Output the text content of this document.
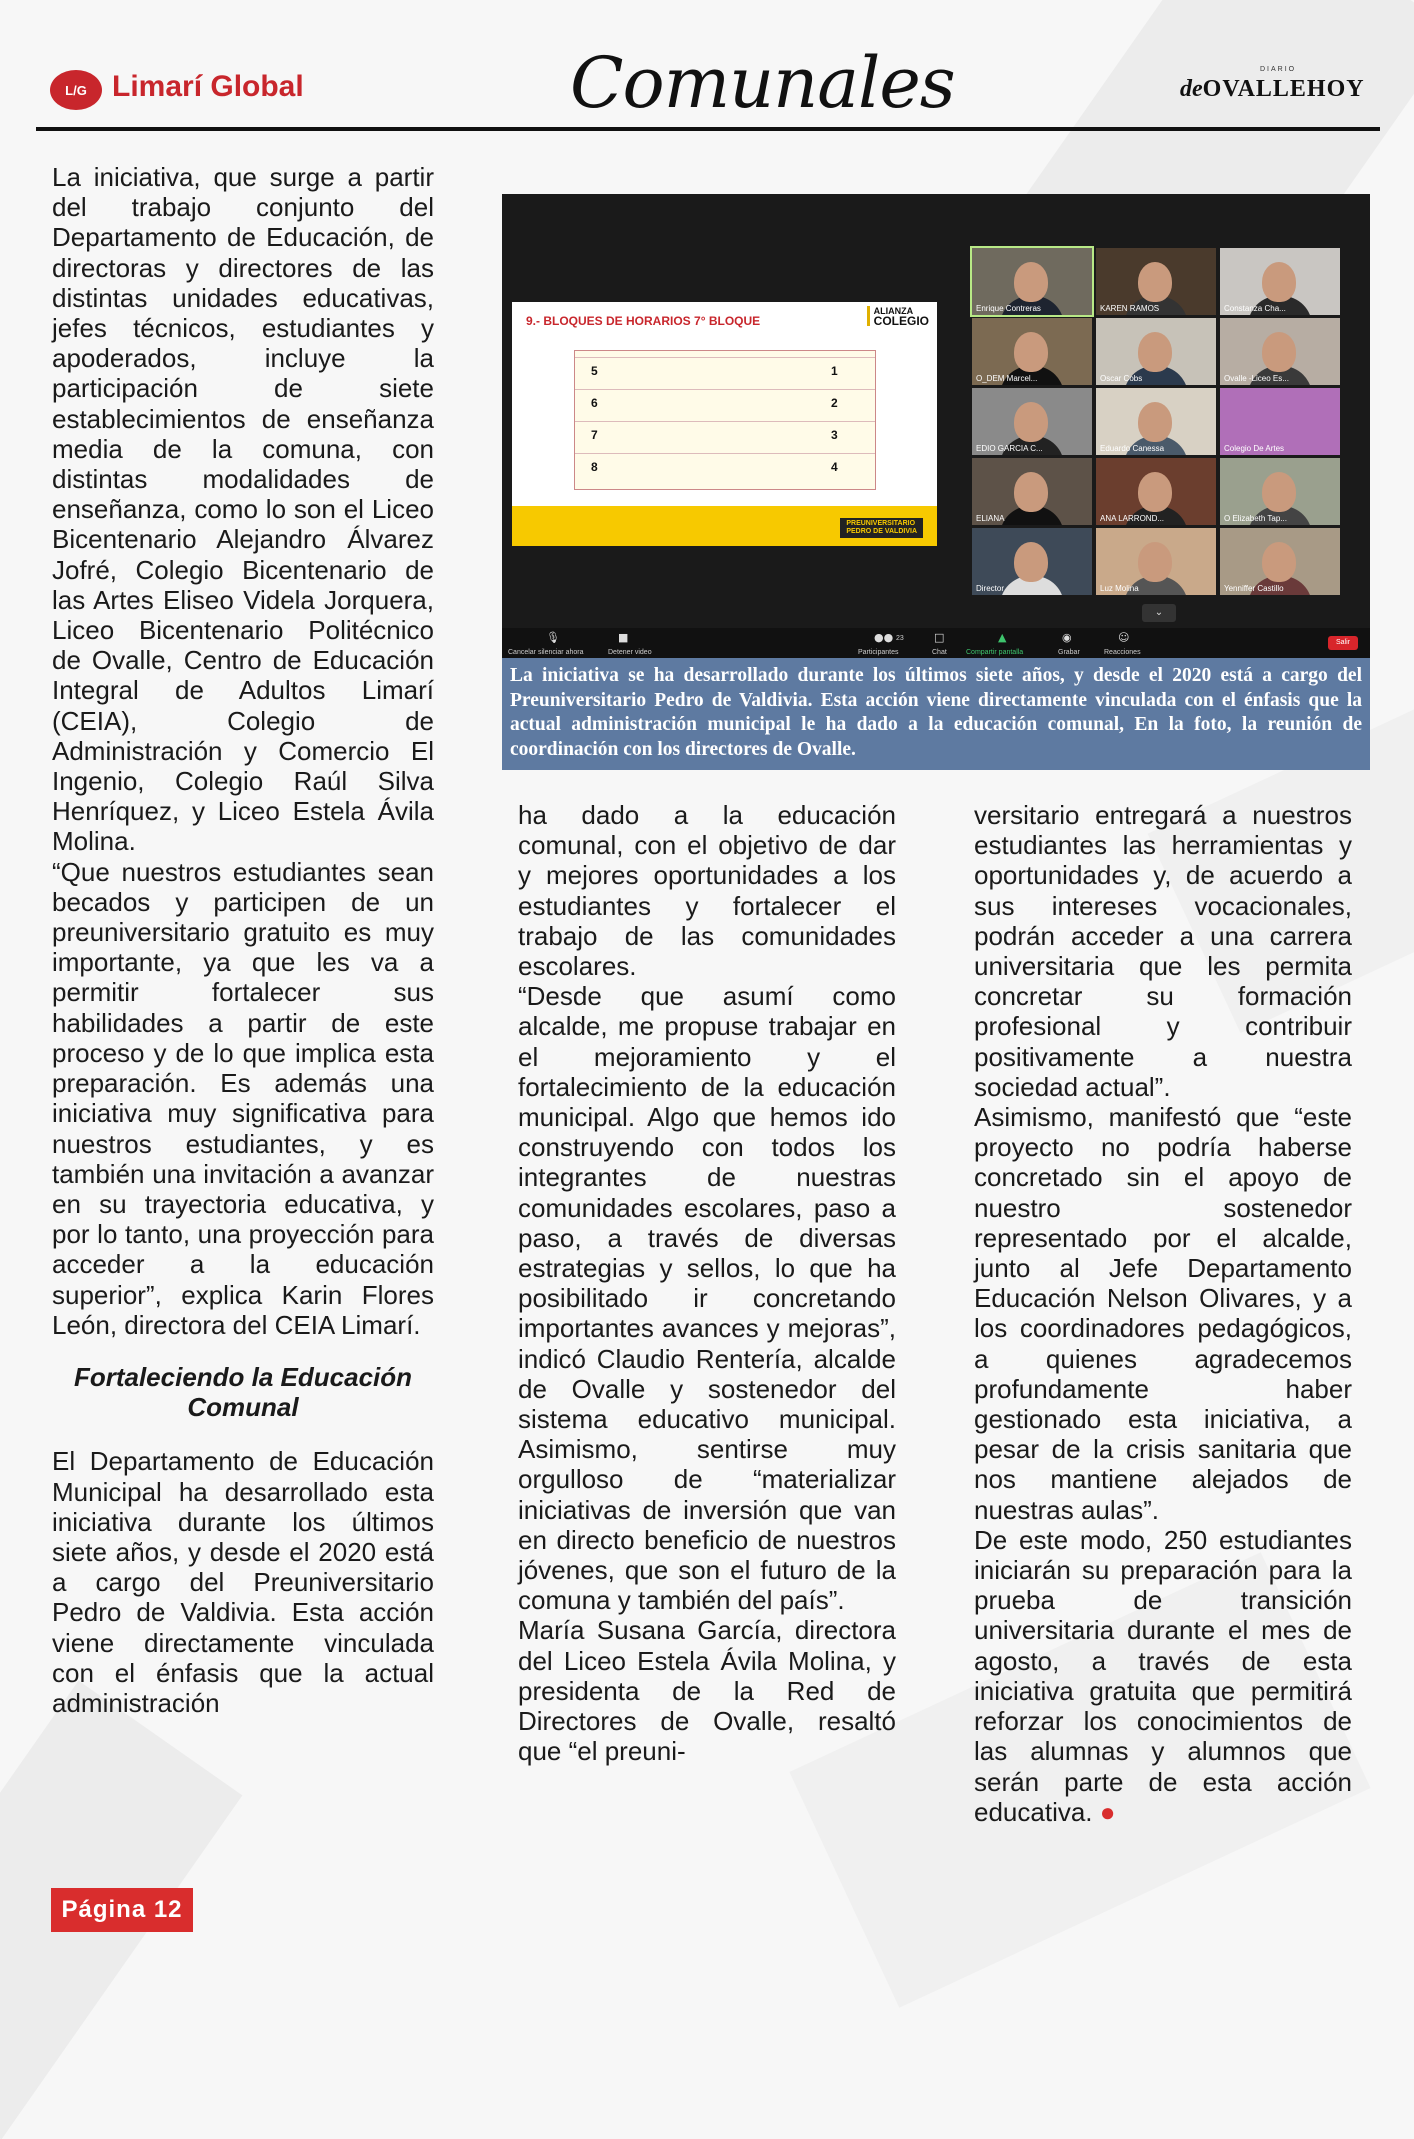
L/G Limarí Global	Comunales	DIARIO
deOVALLEHOY

La iniciativa, que surge a partir del trabajo conjunto del Departamento de Educación, de directoras y directores de las distintas unidades educativas, jefes técnicos, estudiantes y apoderados, incluye la participación de siete establecimientos de enseñanza media de la comuna, con distintas modalidades de enseñanza, como lo son el Liceo Bicentenario Alejandro Álvarez Jofré, Colegio Bicentenario de las Artes Eliseo Videla Jorquera, Liceo Bicentenario Politécnico de Ovalle, Centro de Educación Integral de Adultos Limarí (CEIA), Colegio de Administración y Comercio El Ingenio, Colegio Raúl Silva Henríquez, y Liceo Estela Ávila Molina.

“Que nuestros estudiantes sean becados y participen de un preuniversitario gratuito es muy importante, ya que les va a permitir fortalecer sus habilidades a partir de este proceso y de lo que implica esta preparación. Es además una iniciativa muy significativa para nuestros estudiantes, y es también una invitación a avanzar en su trayectoria educativa, y por lo tanto, una proyección para acceder a la educación superior”, explica Karin Flores León, directora del CEIA Limarí.

Fortaleciendo la Educación Comunal

El Departamento de Educación Municipal ha desarrollado esta iniciativa durante los últimos siete años, y desde el 2020 está a cargo del Preuniversitario Pedro de Valdivia. Esta acción viene directamente vinculada con el énfasis que la actual administración

9.- BLOQUES DE HORARIOS 7° BLOQUE
ALIANZA
COLEGIO
5	1
6	2
7	3
8	4
PREUNIVERSITARIO
PEDRO DE VALDIVIA
Enrique Contreras	KAREN RAMOS	Constanza Cha...
O_DEM Marcel...	Oscar Cobs	Ovalle -Liceo Es...
EDIO GARCIA C...	Eduardo Canessa	Colegio De Artes
ELIANA	ANA LARROND...	O Elizabeth Tap...
Director	Luz Molina	Yenniffer Castillo
⌄
🎙
Cancelar silenciar ahora
■
Detener video
●● 23
Participantes
□
Chat
▲
Compartir pantalla
◉
Grabar
☺
Reacciones
Salir
La iniciativa se ha desarrollado durante los últimos siete años, y desde el 2020 está a cargo del Preuniversitario Pedro de Valdivia. Esta acción viene directamente vinculada con el énfasis que la actual administración municipal le ha dado a la educación comunal, En la foto, la reunión de coordinación con los directores de Ovalle.

ha dado a la educación comunal, con el objetivo de dar y mejores oportunidades a los estudiantes y fortalecer el trabajo de las comunidades escolares.

“Desde que asumí como alcalde, me propuse trabajar en el mejoramiento y el fortalecimiento de la educación municipal. Algo que hemos ido construyendo con todos los integrantes de nuestras comunidades escolares, paso a paso, a través de diversas estrategias y sellos, lo que ha posibilitado ir concretando importantes avances y mejoras”, indicó Claudio Rentería, alcalde de Ovalle y sostenedor del sistema educativo municipal. Asimismo, sentirse muy orgulloso de “materializar iniciativas de inversión que van en directo beneficio de nuestros jóvenes, que son el futuro de la comuna y también del país”.

María Susana García, directora del Liceo Estela Ávila Molina, y presidenta de la Red de Directores de Ovalle, resaltó que “el preuni-

versitario entregará a nuestros estudiantes las herramientas y oportunidades y, de acuerdo a sus intereses vocacionales, podrán acceder a una carrera universitaria que les permita concretar su formación profesional y contribuir positivamente a nuestra sociedad actual”.

Asimismo, manifestó que “este proyecto no podría haberse concretado sin el apoyo de nuestro sostenedor representado por el alcalde, junto al Jefe Departamento Educación Nelson Olivares, y a los coordinadores pedagógicos, a quienes agradecemos profundamente haber gestionado esta iniciativa, a pesar de la crisis sanitaria que nos mantiene alejados de nuestras aulas”.

De este modo, 250 estudiantes iniciarán su preparación para la prueba de transición universitaria durante el mes de agosto, a través de esta iniciativa gratuita que permitirá reforzar los conocimientos de las alumnas y alumnos que serán parte de esta acción educativa. ●

Página 12
